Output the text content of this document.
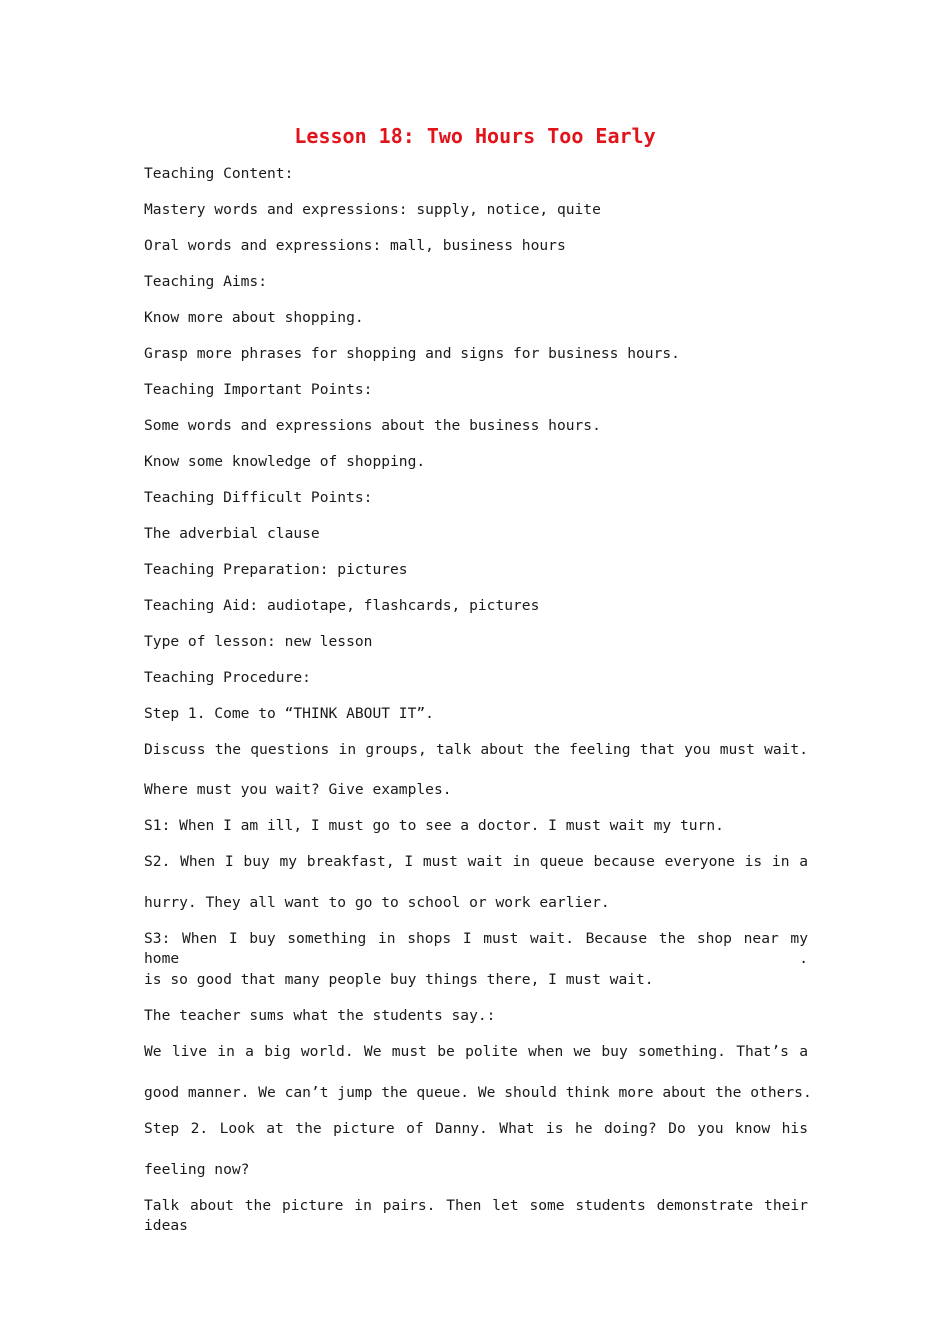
Lesson 18: Two Hours Too Early
Teaching Content:
Mastery words and expressions: supply, notice, quite
Oral words and expressions: mall, business hours
Teaching Aims:
Know more about shopping.
Grasp more phrases for shopping and signs for business hours.
Some words and expressions about the business hours.
Teaching Important Points:
Know some knowledge of shopping.
Teaching Difficult Points:
The adverbial clause
Teaching Preparation: pictures
Teaching Aid: audiotape, flashcards, pictures
Type of lesson: new lesson
Teaching Procedure:
Step 1. Come to “THINK ABOUT IT”.
Discuss the questions in groups, talk about the feeling that you must wait.
Where must you wait? Give examples.
S1: When I am ill, I must go to see a doctor. I must wait my turn.
S2. When I buy my breakfast, I must wait in queue because everyone is in a
hurry. They all want to go to school or work earlier.
S3: When I buy something in shops I must wait. Because the shop near my home .
is so good that many people buy things there, I must wait.
The teacher sums what the students say.:
We live in a big world. We must be polite when we buy something. That’s a
good manner. We can’t jump the queue. We should think more about the others.
Step 2. Look at the picture of Danny. What is he doing? Do you know his
feeling now?
Talk about the picture in pairs. Then let some students demonstrate their ideas
